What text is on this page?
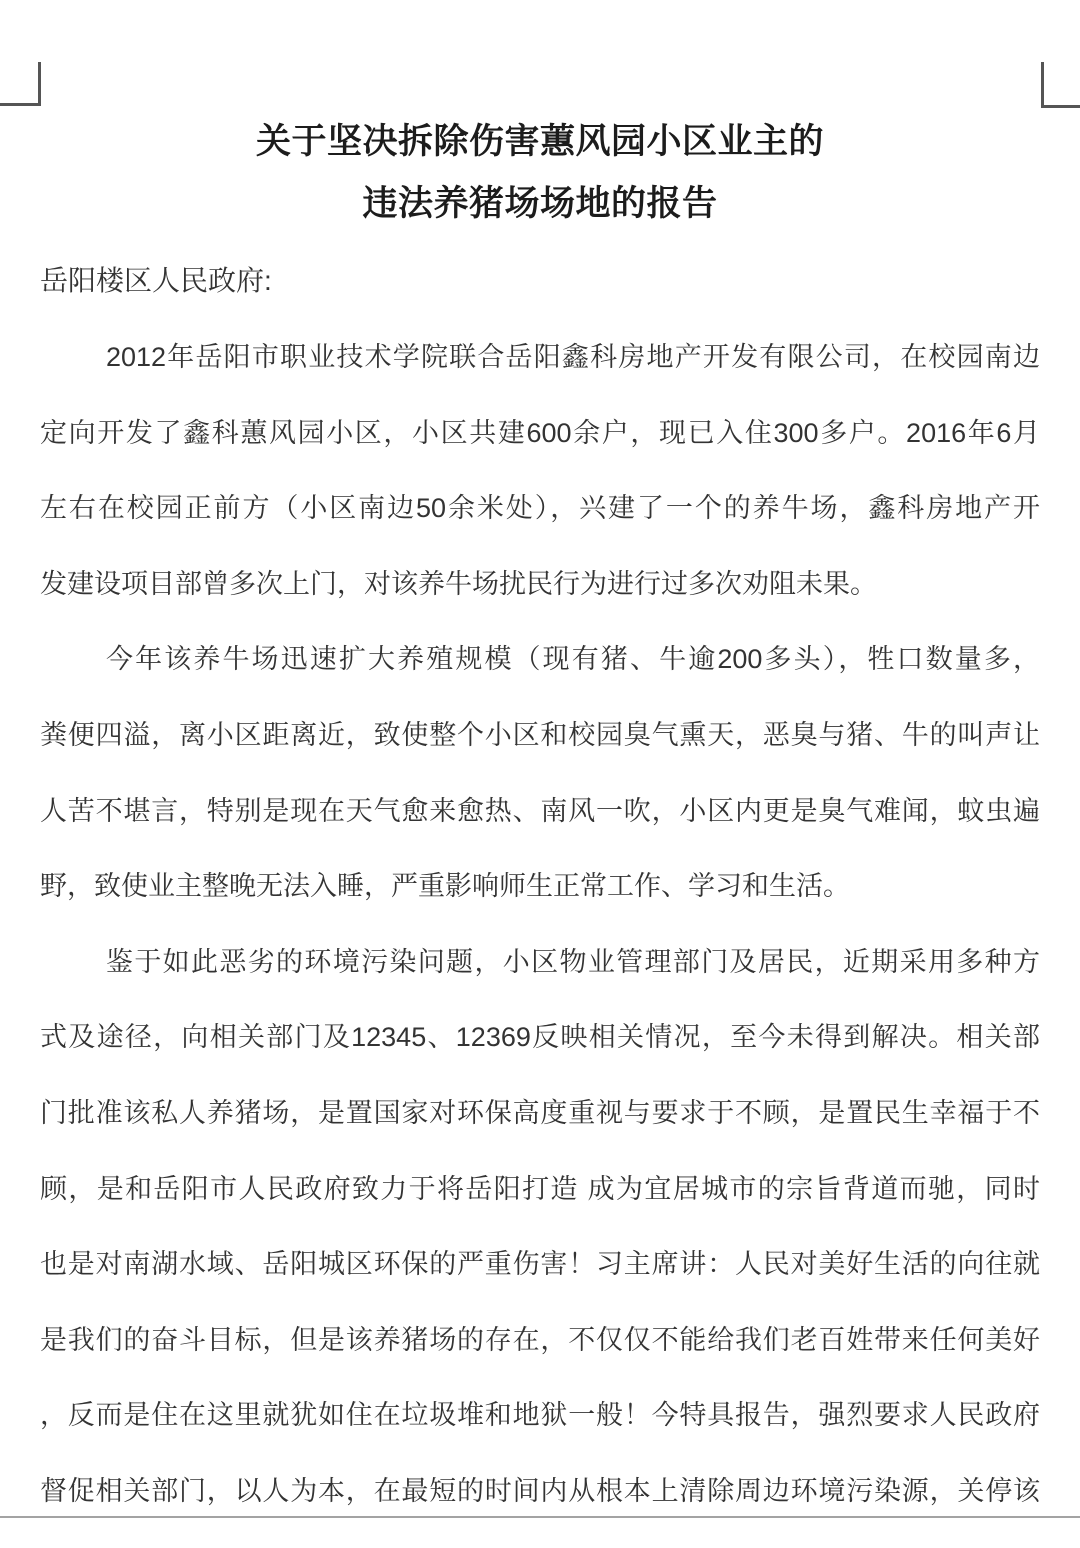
关于坚决拆除伤害蕙风园小区业主的
违法养猪场场地的报告
岳阳楼区人民政府:
2012年岳阳市职业技术学院联合岳阳鑫科房地产开发有限公司，在校园南边
定向开发了鑫科蕙风园小区，小区共建600余户，现已入住300多户。2016年6月
左右在校园正前方（小区南边50余米处），兴建了一个的养牛场，鑫科房地产开
发建设项目部曾多次上门，对该养牛场扰民行为进行过多次劝阻未果。
今年该养牛场迅速扩大养殖规模（现有猪、牛逾200多头），牲口数量多，
粪便四溢，离小区距离近，致使整个小区和校园臭气熏天，恶臭与猪、牛的叫声让
人苦不堪言，特别是现在天气愈来愈热、南风一吹，小区内更是臭气难闻，蚊虫遍
野，致使业主整晚无法入睡，严重影响师生正常工作、学习和生活。
鉴于如此恶劣的环境污染问题，小区物业管理部门及居民，近期采用多种方
式及途径，向相关部门及12345、12369反映相关情况，至今未得到解决。相关部
门批准该私人养猪场，是置国家对环保高度重视与要求于不顾，是置民生幸福于不
顾，是和岳阳市人民政府致力于将岳阳打造 成为宜居城市的宗旨背道而驰，同时
也是对南湖水域、岳阳城区环保的严重伤害！习主席讲：人民对美好生活的向往就
是我们的奋斗目标，但是该养猪场的存在，不仅仅不能给我们老百姓带来任何美好
，反而是住在这里就犹如住在垃圾堆和地狱一般！今特具报告，强烈要求人民政府
督促相关部门，以人为本，在最短的时间内从根本上清除周边环境污染源，关停该
